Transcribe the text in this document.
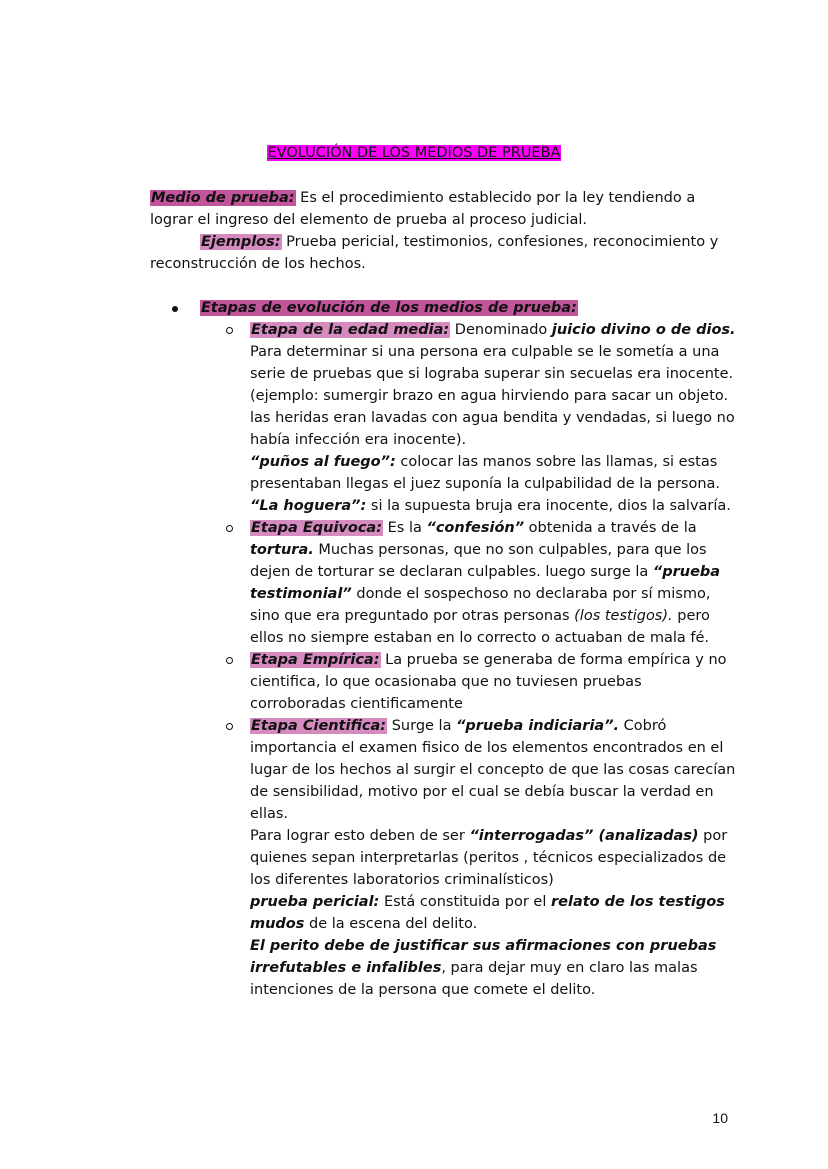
EVOLUCIÓN DE LOS MEDIOS DE PRUEBA
Medio de prueba: Es el procedimiento establecido por la ley tendiendo a lograr el ingreso del elemento de prueba al proceso judicial.
Ejemplos: Prueba pericial, testimonios, confesiones, reconocimiento y reconstrucción de los hechos.
Etapas de evolución de los medios de prueba:
Etapa de la edad media: Denominado juicio divino o de dios. Para determinar si una persona era culpable se le sometía a una serie de pruebas que si lograba superar sin secuelas era inocente. (ejemplo: sumergir brazo en agua hirviendo para sacar un objeto. las heridas eran lavadas con agua bendita y vendadas, si luego no había infección era inocente).
“puños al fuego”: colocar las manos sobre las llamas, si estas presentaban llegas el juez suponía la culpabilidad de la persona.
“La hoguera”: si la supuesta bruja era inocente, dios la salvaría.
Etapa Equivoca: Es la “confesión” obtenida a través de la tortura. Muchas personas, que no son culpables, para que los dejen de torturar se declaran culpables. luego surge la “prueba testimonial” donde el sospechoso no declaraba por sí mismo, sino que era preguntado por otras personas (los testigos). pero ellos no siempre estaban en lo correcto o actuaban de mala fé.
Etapa Empírica: La prueba se generaba de forma empírica y no cientifica, lo que ocasionaba que no tuviesen pruebas corroboradas cientificamente
Etapa Cientifica: Surge la “prueba indiciaria”. Cobró importancia el examen fisico de los elementos encontrados en el lugar de los hechos al surgir el concepto de que las cosas carecían de sensibilidad, motivo por el cual se debía buscar la verdad en ellas.
Para lograr esto deben de ser “interrogadas” (analizadas) por quienes sepan interpretarlas (peritos , técnicos especializados de los diferentes laboratorios criminalísticos)
prueba pericial: Está constituida por el relato de los testigos mudos de la escena del delito.
El perito debe de justificar sus afirmaciones con pruebas irrefutables e infalibles, para dejar muy en claro las malas intenciones de la persona que comete el delito.
10
